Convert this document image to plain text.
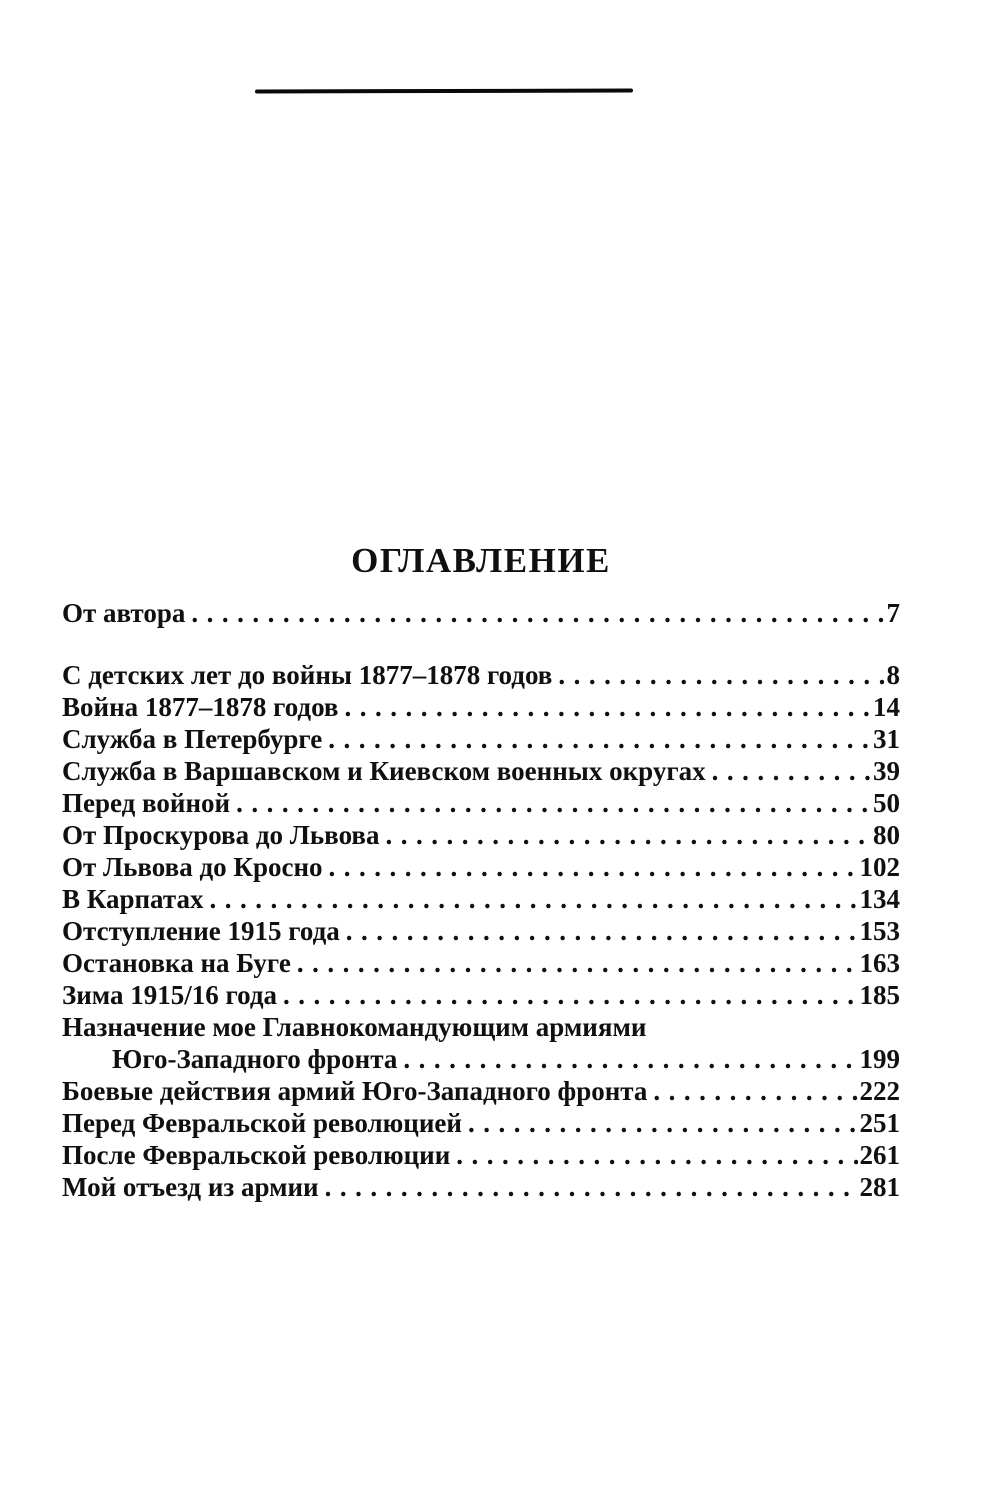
ОГЛАВЛЕНИЕ
От автора .....	7
С детских лет до войны 1877–1878 годов .....	8
Война 1877–1878 годов .....	14
Служба в Петербурге .....	31
Служба в Варшавском и Киевском военных округах .....	39
Перед войной .....	50
От Проскурова до Львова .....	80
От Львова до Кросно .....	102
В Карпатах .....	134
Отступление 1915 года .....	153
Остановка на Буге .....	163
Зима 1915/16 года .....	185
Назначение мое Главнокомандующим армиями
Юго-Западного фронта .....	199
Боевые действия армий Юго-Западного фронта .....	222
Перед Февральской революцией .....	251
После Февральской революции .....	261
Мой отъезд из армии .....	281
